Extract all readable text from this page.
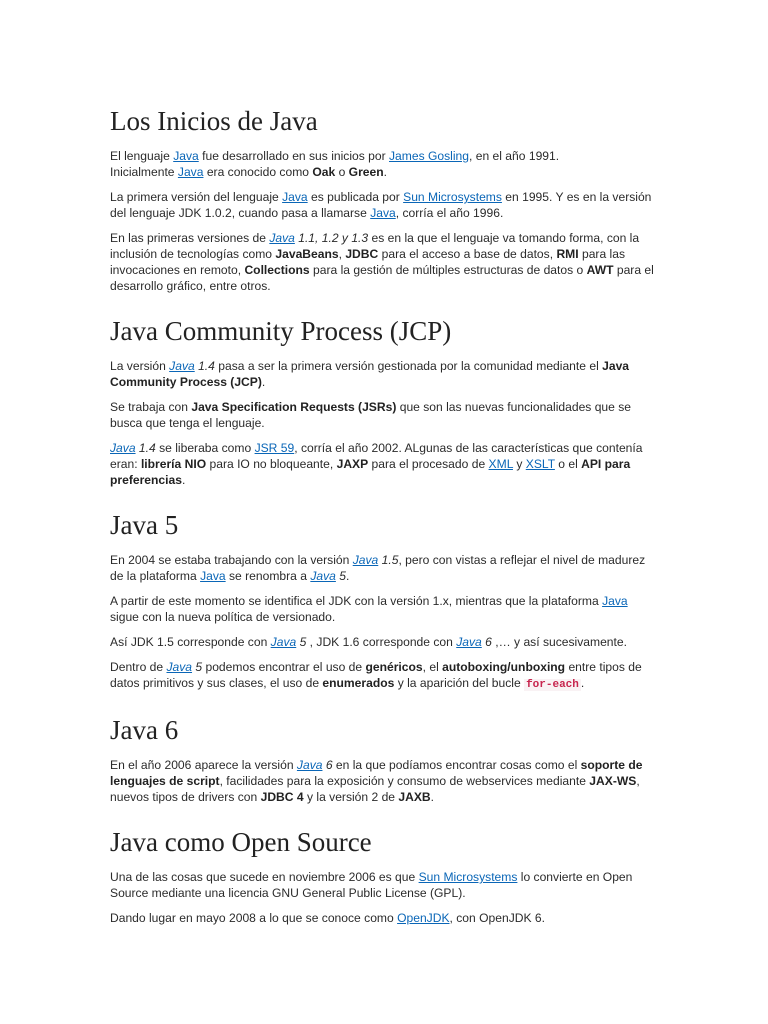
Los Inicios de Java

El lenguaje Java fue desarrollado en sus inicios por James Gosling, en el año 1991.
Inicialmente Java era conocido como Oak o Green.

La primera versión del lenguaje Java es publicada por Sun Microsystems en 1995. Y es en la versión del lenguaje JDK 1.0.2, cuando pasa a llamarse Java, corría el año 1996.

En las primeras versiones de Java 1.1, 1.2 y 1.3 es en la que el lenguaje va tomando forma, con la inclusión de tecnologías como JavaBeans, JDBC para el acceso a base de datos, RMI para las invocaciones en remoto, Collections para la gestión de múltiples estructuras de datos o AWT para el desarrollo gráfico, entre otros.

Java Community Process (JCP)

La versión Java 1.4 pasa a ser la primera versión gestionada por la comunidad mediante el Java Community Process (JCP).

Se trabaja con Java Specification Requests (JSRs) que son las nuevas funcionalidades que se busca que tenga el lenguaje.

Java 1.4 se liberaba como JSR 59, corría el año 2002. ALgunas de las características que contenía eran: librería NIO para IO no bloqueante, JAXP para el procesado de XML y XSLT o el API para preferencias.

Java 5

En 2004 se estaba trabajando con la versión Java 1.5, pero con vistas a reflejar el nivel de madurez de la plataforma Java se renombra a Java 5.

A partir de este momento se identifica el JDK con la versión 1.x, mientras que la plataforma Java sigue con la nueva política de versionado.

Así JDK 1.5 corresponde con Java 5 , JDK 1.6 corresponde con Java 6 ,… y así sucesivamente.

Dentro de Java 5 podemos encontrar el uso de genéricos, el autoboxing/unboxing entre tipos de datos primitivos y sus clases, el uso de enumerados y la aparición del bucle for-each .

Java 6

En el año 2006 aparece la versión Java 6 en la que podíamos encontrar cosas como el soporte de lenguajes de script, facilidades para la exposición y consumo de webservices mediante JAX-WS, nuevos tipos de drivers con JDBC 4 y la versión 2 de JAXB.

Java como Open Source

Una de las cosas que sucede en noviembre 2006 es que Sun Microsystems lo convierte en Open Source mediante una licencia GNU General Public License (GPL).

Dando lugar en mayo 2008 a lo que se conoce como OpenJDK, con OpenJDK 6.
